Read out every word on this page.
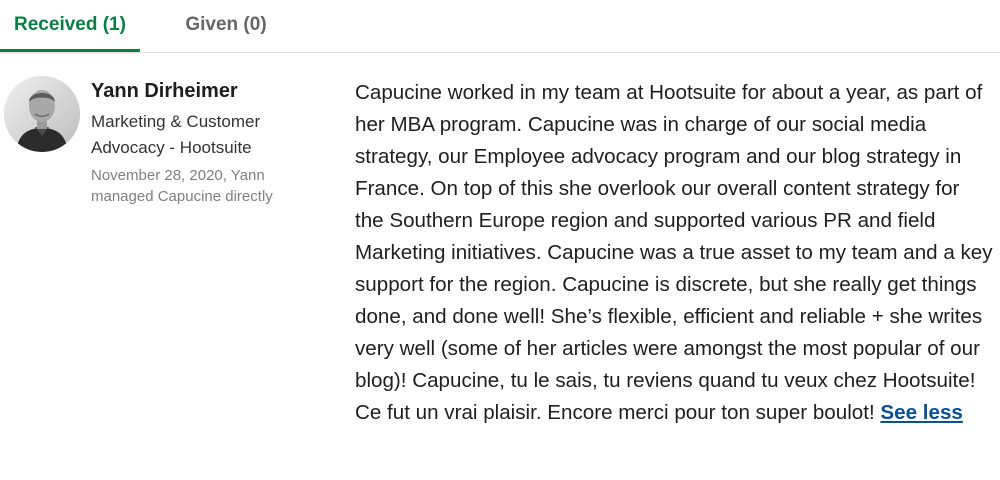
Received (1)	Given (0)
Yann Dirheimer
Marketing & Customer Advocacy - Hootsuite
November 28, 2020, Yann managed Capucine directly
Capucine worked in my team at Hootsuite for about a year, as part of her MBA program. Capucine was in charge of our social media strategy, our Employee advocacy program and our blog strategy in France. On top of this she overlook our overall content strategy for the Southern Europe region and supported various PR and field Marketing initiatives. Capucine was a true asset to my team and a key support for the region. Capucine is discrete, but she really get things done, and done well! She’s flexible, efficient and reliable + she writes very well (some of her articles were amongst the most popular of our blog)! Capucine, tu le sais, tu reviens quand tu veux chez Hootsuite! Ce fut un vrai plaisir. Encore merci pour ton super boulot! See less
